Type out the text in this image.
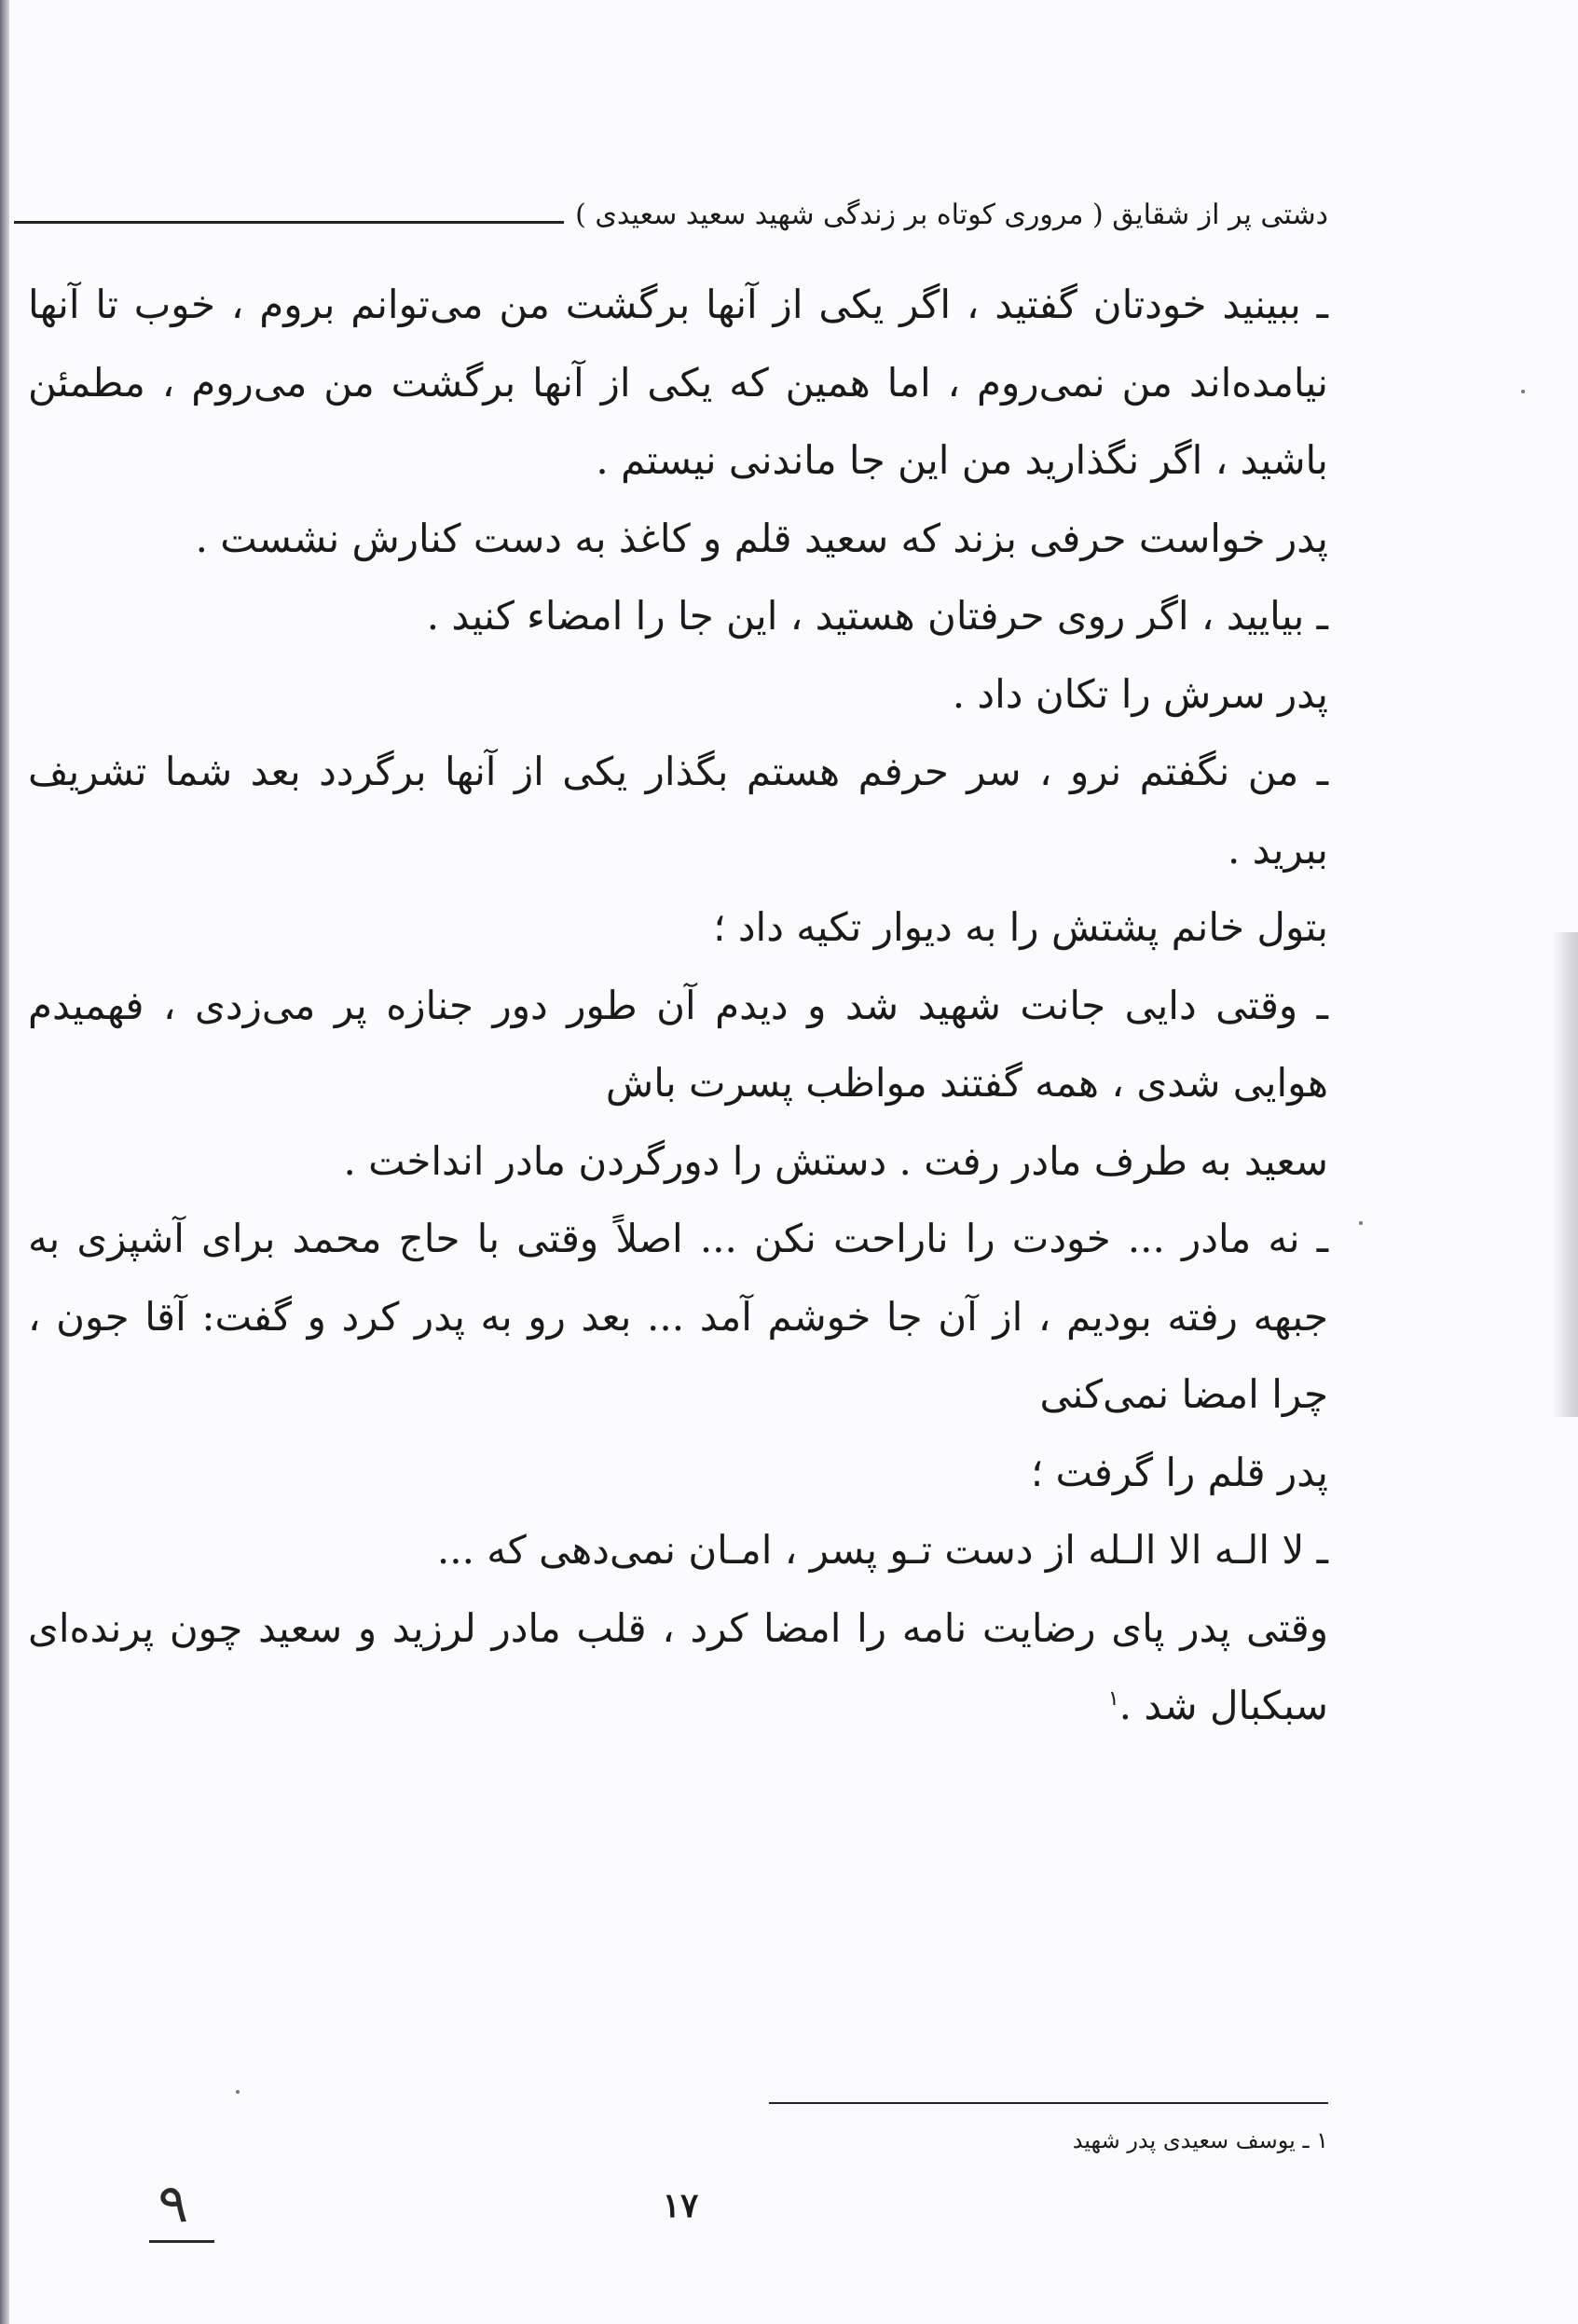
دشتی پر از شقایق ( مروری کوتاه بر زندگی شهید سعید سعیدی )

ـ ببینید خودتان گفتید ، اگر یکی از آنها برگشت من می‌توانم بروم ، خوب تا آنها نیامده‌اند من نمی‌روم ، اما همین که یکی از آنها برگشت من می‌روم ، مطمئن باشید ، اگر نگذارید من این جا ماندنی نیستم .

پدر خواست حرفی بزند که سعید قلم و کاغذ به دست کنارش نشست .

ـ بیایید ، اگر روی حرفتان هستید ، این جا را امضاء کنید .

پدر سرش را تکان داد .

ـ من نگفتم نرو ، سر حرفم هستم بگذار یکی از آنها برگردد بعد شما تشریف ببرید .

بتول خانم پشتش را به دیوار تکیه داد ؛

ـ وقتی دایی جانت شهید شد و دیدم آن طور دور جنازه پر می‌زدی ، فهمیدم هوایی شدی ، همه گفتند مواظب پسرت باش

سعید به طرف مادر رفت . دستش را دورگردن مادر انداخت .

ـ نه مادر ... خودت را ناراحت نکن ... اصلاً وقتی با حاج محمد برای آشپزی به جبهه رفته بودیم ، از آن جا خوشم آمد ... بعد رو به پدر کرد و گفت: آقا جون ، چرا امضا نمی‌کنی

پدر قلم را گرفت ؛

ـ لا الـه الا الـله از دست تـو پسر ، امـان نمی‌دهی که ...

وقتی پدر پای رضایت نامه را امضا کرد ، قلب مادر لرزید و سعید چون پرنده‌ای سبکبال شد .$^۱$

۱ ـ یوسف سعیدی پدر شهید
۱۷
۹
